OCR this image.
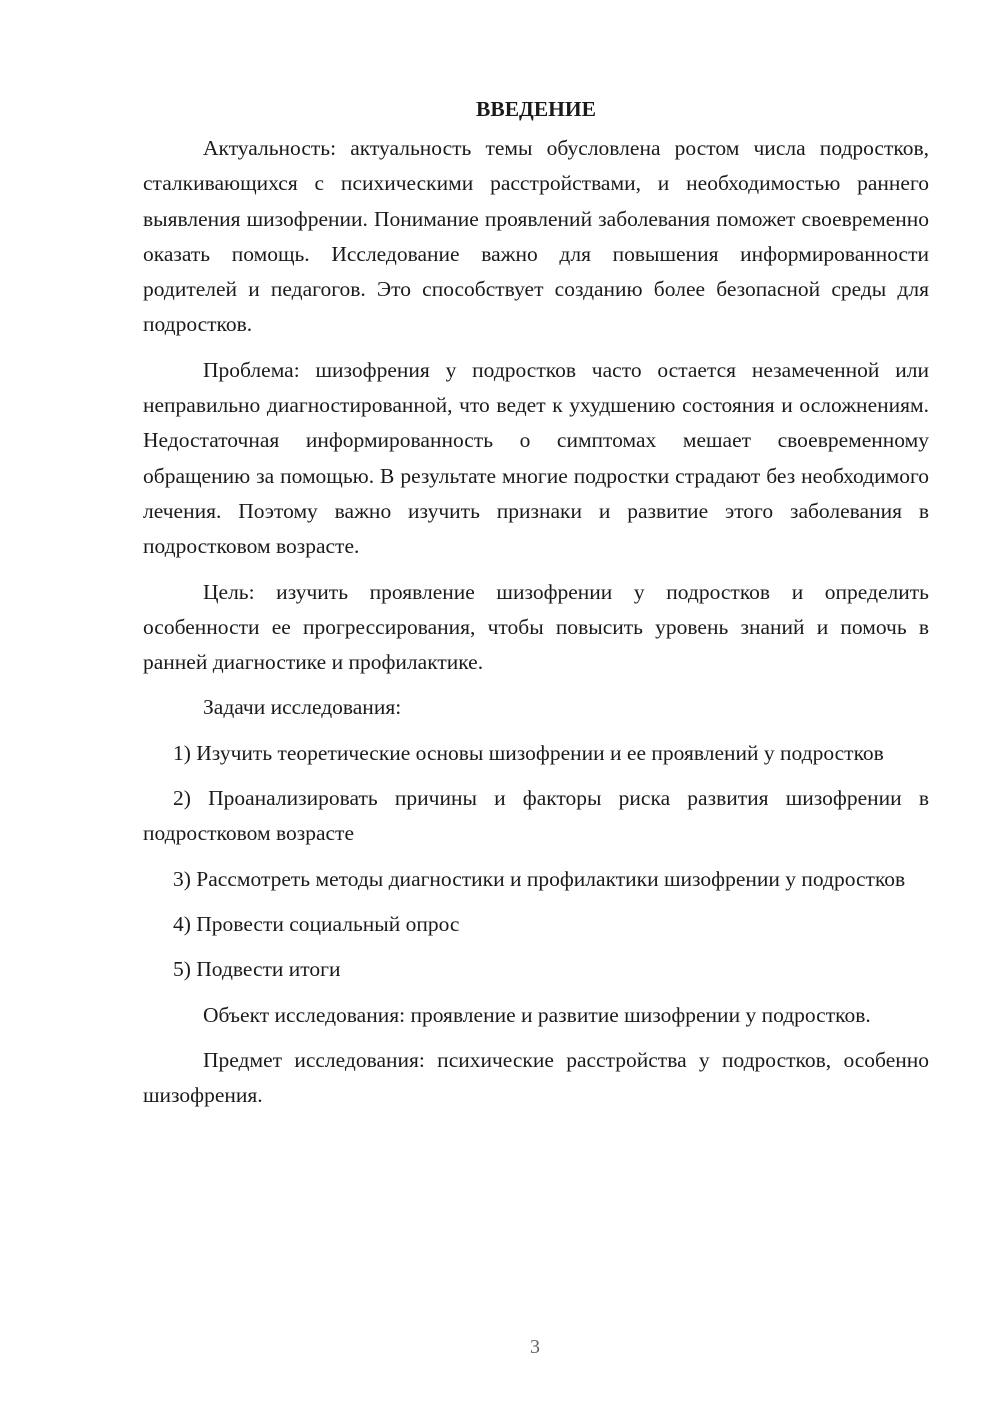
ВВЕДЕНИЕ

Актуальность: актуальность темы обусловлена ростом числа подростков, сталкивающихся с психическими расстройствами, и необходимостью раннего выявления шизофрении. Понимание проявлений заболевания поможет своевременно оказать помощь. Исследование важно для повышения информированности родителей и педагогов. Это способствует созданию более безопасной среды для подростков.

Проблема: шизофрения у подростков часто остается незамеченной или неправильно диагностированной, что ведет к ухудшению состояния и осложнениям. Недостаточная информированность о симптомах мешает своевременному обращению за помощью. В результате многие подростки страдают без необходимого лечения. Поэтому важно изучить признаки и развитие этого заболевания в подростковом возрасте.

Цель: изучить проявление шизофрении у подростков и определить особенности ее прогрессирования, чтобы повысить уровень знаний и помочь в ранней диагностике и профилактике.

Задачи исследования:

1) Изучить теоретические основы шизофрении и ее проявлений у подростков

2) Проанализировать причины и факторы риска развития шизофрении в подростковом возрасте

3) Рассмотреть методы диагностики и профилактики шизофрении у подростков

4) Провести социальный опрос

5) Подвести итоги

Объект исследования: проявление и развитие шизофрении у подростков.

Предмет исследования: психические расстройства у подростков, особенно шизофрения.

3
